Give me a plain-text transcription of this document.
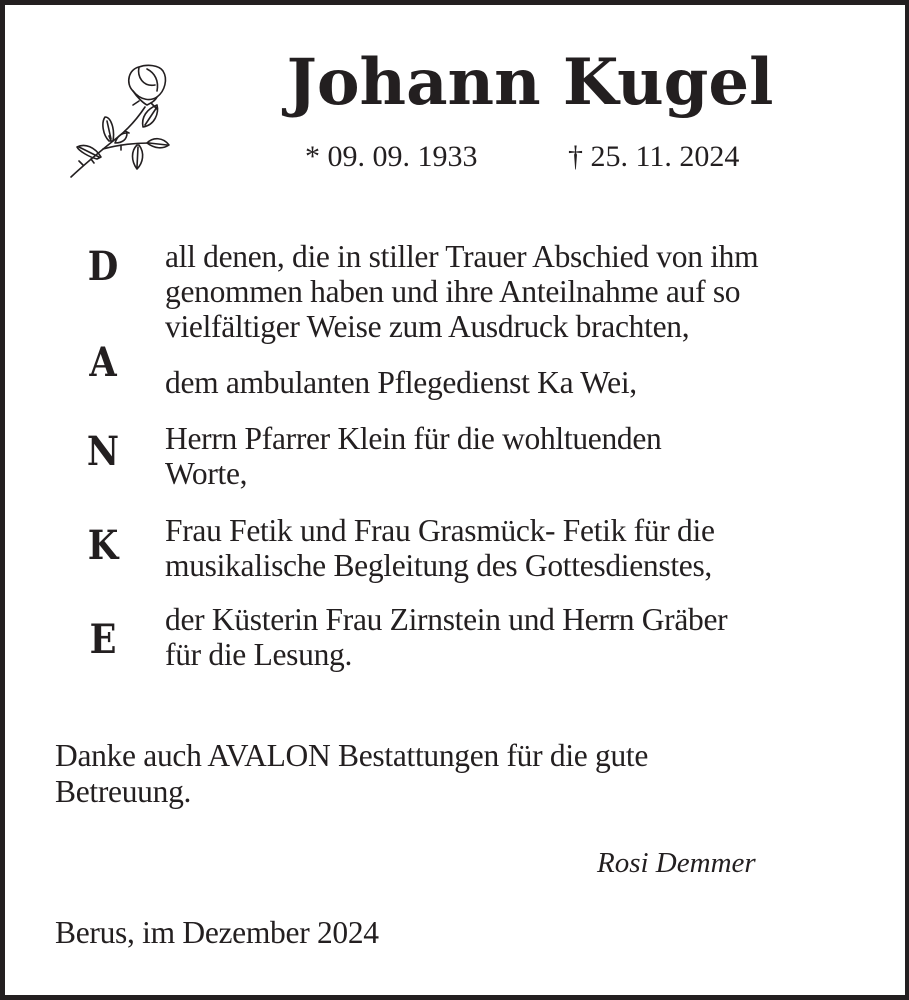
Johann Kugel
* 09. 09. 1933	† 25. 11. 2024
D
A
N
K
E
all denen, die in stiller Trauer Abschied von ihm
genommen haben und ihre Anteilnahme auf so
vielfältiger Weise zum Ausdruck brachten,
dem ambulanten Pflegedienst Ka Wei,
Herrn Pfarrer Klein für die wohltuenden
Worte,
Frau Fetik und Frau Grasmück- Fetik für die
musikalische Begleitung des Gottesdienstes,
der Küsterin Frau Zirnstein und Herrn Gräber
für die Lesung.
Danke auch AVALON Bestattungen für die gute
Betreuung.
Rosi Demmer
Berus, im Dezember 2024
